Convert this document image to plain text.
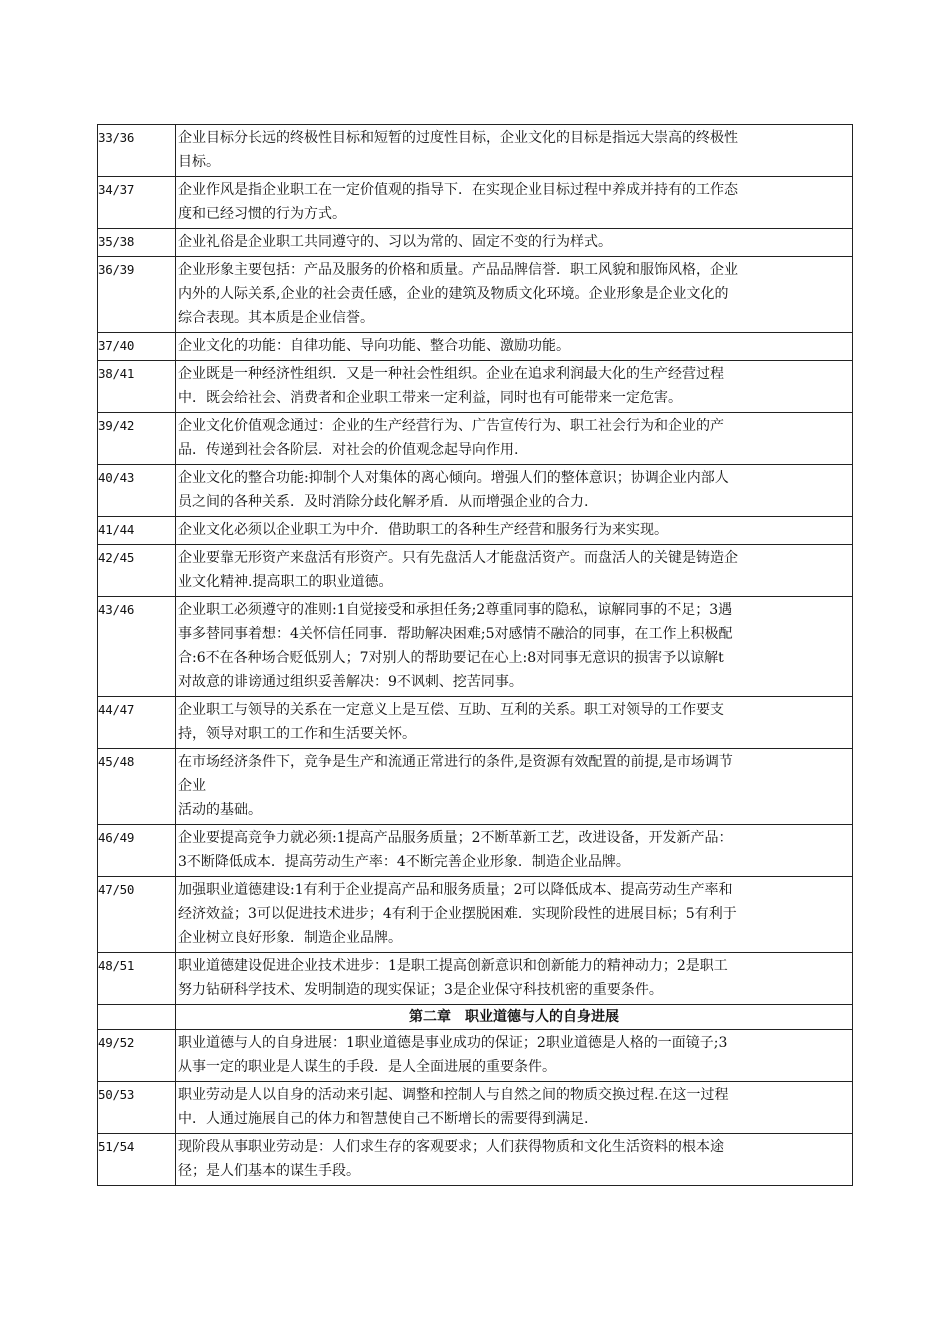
33/36	企业目标分长远的终极性目标和短暂的过度性目标，企业文化的目标是指远大崇高的终极性
目标。

34/37	企业作风是指企业职工在一定价值观的指导下．在实现企业目标过程中养成并持有的工作态
度和已经习惯的行为方式。

35/38	企业礼俗是企业职工共同遵守的、习以为常的、固定不变的行为样式。

36/39	企业形象主要包括：产品及服务的价格和质量。产品品牌信誉．职工风貌和服饰风格，企业
内外的人际关系,企业的社会责任感，企业的建筑及物质文化环境。企业形象是企业文化的
综合表现。其本质是企业信誉。

37/40	企业文化的功能：自律功能、导向功能、整合功能、激励功能。

38/41	企业既是一种经济性组织．又是一种社会性组织。企业在追求利润最大化的生产经营过程
中．既会给社会、消费者和企业职工带来一定利益，同时也有可能带来一定危害。

39/42	企业文化价值观念通过：企业的生产经营行为、广告宣传行为、职工社会行为和企业的产
品．传递到社会各阶层．对社会的价值观念起导向作用.

40/43	企业文化的整合功能:抑制个人对集体的离心倾向。增强人们的整体意识；协调企业内部人
员之间的各种关系．及时消除分歧化解矛盾．从而增强企业的合力.

41/44	企业文化必须以企业职工为中介．借助职工的各种生产经营和服务行为来实现。

42/45	企业要靠无形资产来盘活有形资产。只有先盘活人才能盘活资产。而盘活人的关键是铸造企
业文化精神.提高职工的职业道德。

43/46	企业职工必须遵守的准则:1自觉接受和承担任务;2尊重同事的隐私，谅解同事的不足；3遇
事多替同事着想：4关怀信任同事．帮助解决困难;5对感情不融洽的同事，在工作上积极配
合:6不在各种场合贬低别人；7对别人的帮助要记在心上:8对同事无意识的损害予以谅解t
对故意的诽谤通过组织妥善解决：9不讽刺、挖苦同事。

44/47	企业职工与领导的关系在一定意义上是互偿、互助、互利的关系。职工对领导的工作要支
持，领导对职工的工作和生活要关怀。

45/48	在市场经济条件下，竞争是生产和流通正常进行的条件,是资源有效配置的前提,是市场调节
企业
活动的基础。

46/49	企业要提高竞争力就必须:1提高产品服务质量；2不断革新工艺，改进设备，开发新产品：
3不断降低成本．提高劳动生产率：4不断完善企业形象．制造企业品牌。

47/50	加强职业道德建设:1有利于企业提高产品和服务质量；2可以降低成本、提高劳动生产率和
经济效益；3可以促进技术进步；4有利于企业摆脱困难．实现阶段性的进展目标；5有利于
企业树立良好形象．制造企业品牌。

48/51	职业道德建设促进企业技术进步：1是职工提高创新意识和创新能力的精神动力；2是职工
努力钻研科学技术、发明制造的现实保证；3是企业保守科技机密的重要条件。

	第二章　职业道德与人的自身进展
49/52	职业道德与人的自身进展：1职业道德是事业成功的保证；2职业道德是人格的一面镜子;3
从事一定的职业是人谋生的手段．是人全面进展的重要条件。

50/53	职业劳动是人以自身的活动来引起、调整和控制人与自然之间的物质交换过程.在这一过程
中．人通过施展自己的体力和智慧使自己不断增长的需要得到满足.

51/54	现阶段从事职业劳动是：人们求生存的客观要求；人们获得物质和文化生活资料的根本途
径；是人们基本的谋生手段。
